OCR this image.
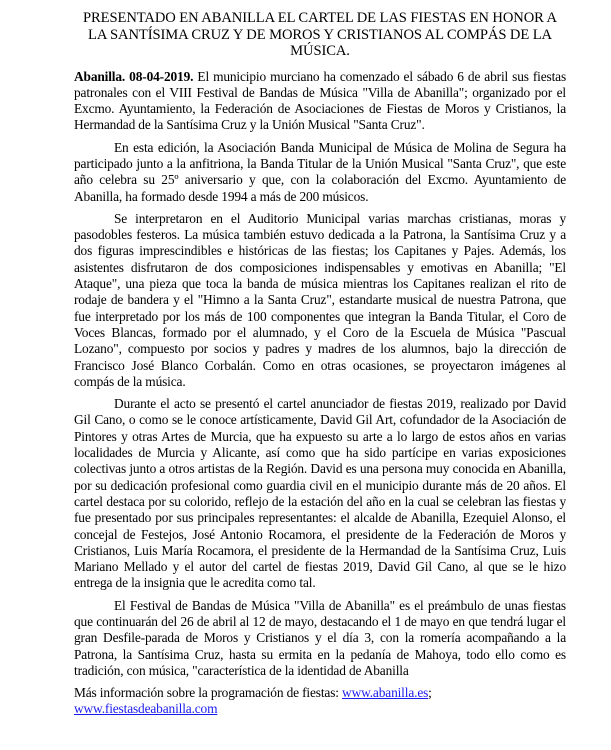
PRESENTADO EN ABANILLA EL CARTEL DE LAS FIESTAS EN HONOR A LA SANTÍSIMA CRUZ Y DE MOROS Y CRISTIANOS AL COMPÁS DE LA MÚSICA.

Abanilla. 08-04-2019. El municipio murciano ha comenzado el sábado 6 de abril sus fiestas patronales con el VIII Festival de Bandas de Música "Villa de Abanilla"; organizado por el Excmo. Ayuntamiento, la Federación de Asociaciones de Fiestas de Moros y Cristianos, la Hermandad de la Santísima Cruz y la Unión Musical "Santa Cruz".

En esta edición, la Asociación Banda Municipal de Música de Molina de Segura ha participado junto a la anfitriona, la Banda Titular de la Unión Musical "Santa Cruz", que este año celebra su 25º aniversario y que, con la colaboración del Excmo. Ayuntamiento de Abanilla, ha formado desde 1994 a más de 200 músicos.

Se interpretaron en el Auditorio Municipal varias marchas cristianas, moras y pasodobles festeros. La música también estuvo dedicada a la Patrona, la Santísima Cruz y a dos figuras imprescindibles e históricas de las fiestas; los Capitanes y Pajes. Además, los asistentes disfrutaron de dos composiciones indispensables y emotivas en Abanilla; "El Ataque", una pieza que toca la banda de música mientras los Capitanes realizan el rito de rodaje de bandera y el "Himno a la Santa Cruz", estandarte musical de nuestra Patrona, que fue interpretado por los más de 100 componentes que integran la Banda Titular, el Coro de Voces Blancas, formado por el alumnado, y el Coro de la Escuela de Música "Pascual Lozano", compuesto por socios y padres y madres de los alumnos, bajo la dirección de Francisco José Blanco Corbalán. Como en otras ocasiones, se proyectaron imágenes al compás de la música.

Durante el acto se presentó el cartel anunciador de fiestas 2019, realizado por David Gil Cano, o como se le conoce artísticamente, David Gil Art, cofundador de la Asociación de Pintores y otras Artes de Murcia, que ha expuesto su arte a lo largo de estos años en varias localidades de Murcia y Alicante, así como que ha sido partícipe en varias exposiciones colectivas junto a otros artistas de la Región. David es una persona muy conocida en Abanilla, por su dedicación profesional como guardia civil en el municipio durante más de 20 años. El cartel destaca por su colorido, reflejo de la estación del año en la cual se celebran las fiestas y fue presentado por sus principales representantes: el alcalde de Abanilla, Ezequiel Alonso, el concejal de Festejos, José Antonio Rocamora, el presidente de la Federación de Moros y Cristianos, Luis María Rocamora, el presidente de la Hermandad de la Santísima Cruz, Luis Mariano Mellado y el autor del cartel de fiestas 2019, David Gil Cano, al que se le hizo entrega de la insignia que le acredita como tal.

El Festival de Bandas de Música "Villa de Abanilla" es el preámbulo de unas fiestas que continuarán del 26 de abril al 12 de mayo, destacando el 1 de mayo en que tendrá lugar el gran Desfile-parada de Moros y Cristianos y el día 3, con la romería acompañando a la Patrona, la Santísima Cruz, hasta su ermita en la pedanía de Mahoya, todo ello como es tradición, con música, "característica de la identidad de Abanilla

Más información sobre la programación de fiestas: www.abanilla.es;
www.fiestasdeabanilla.com
